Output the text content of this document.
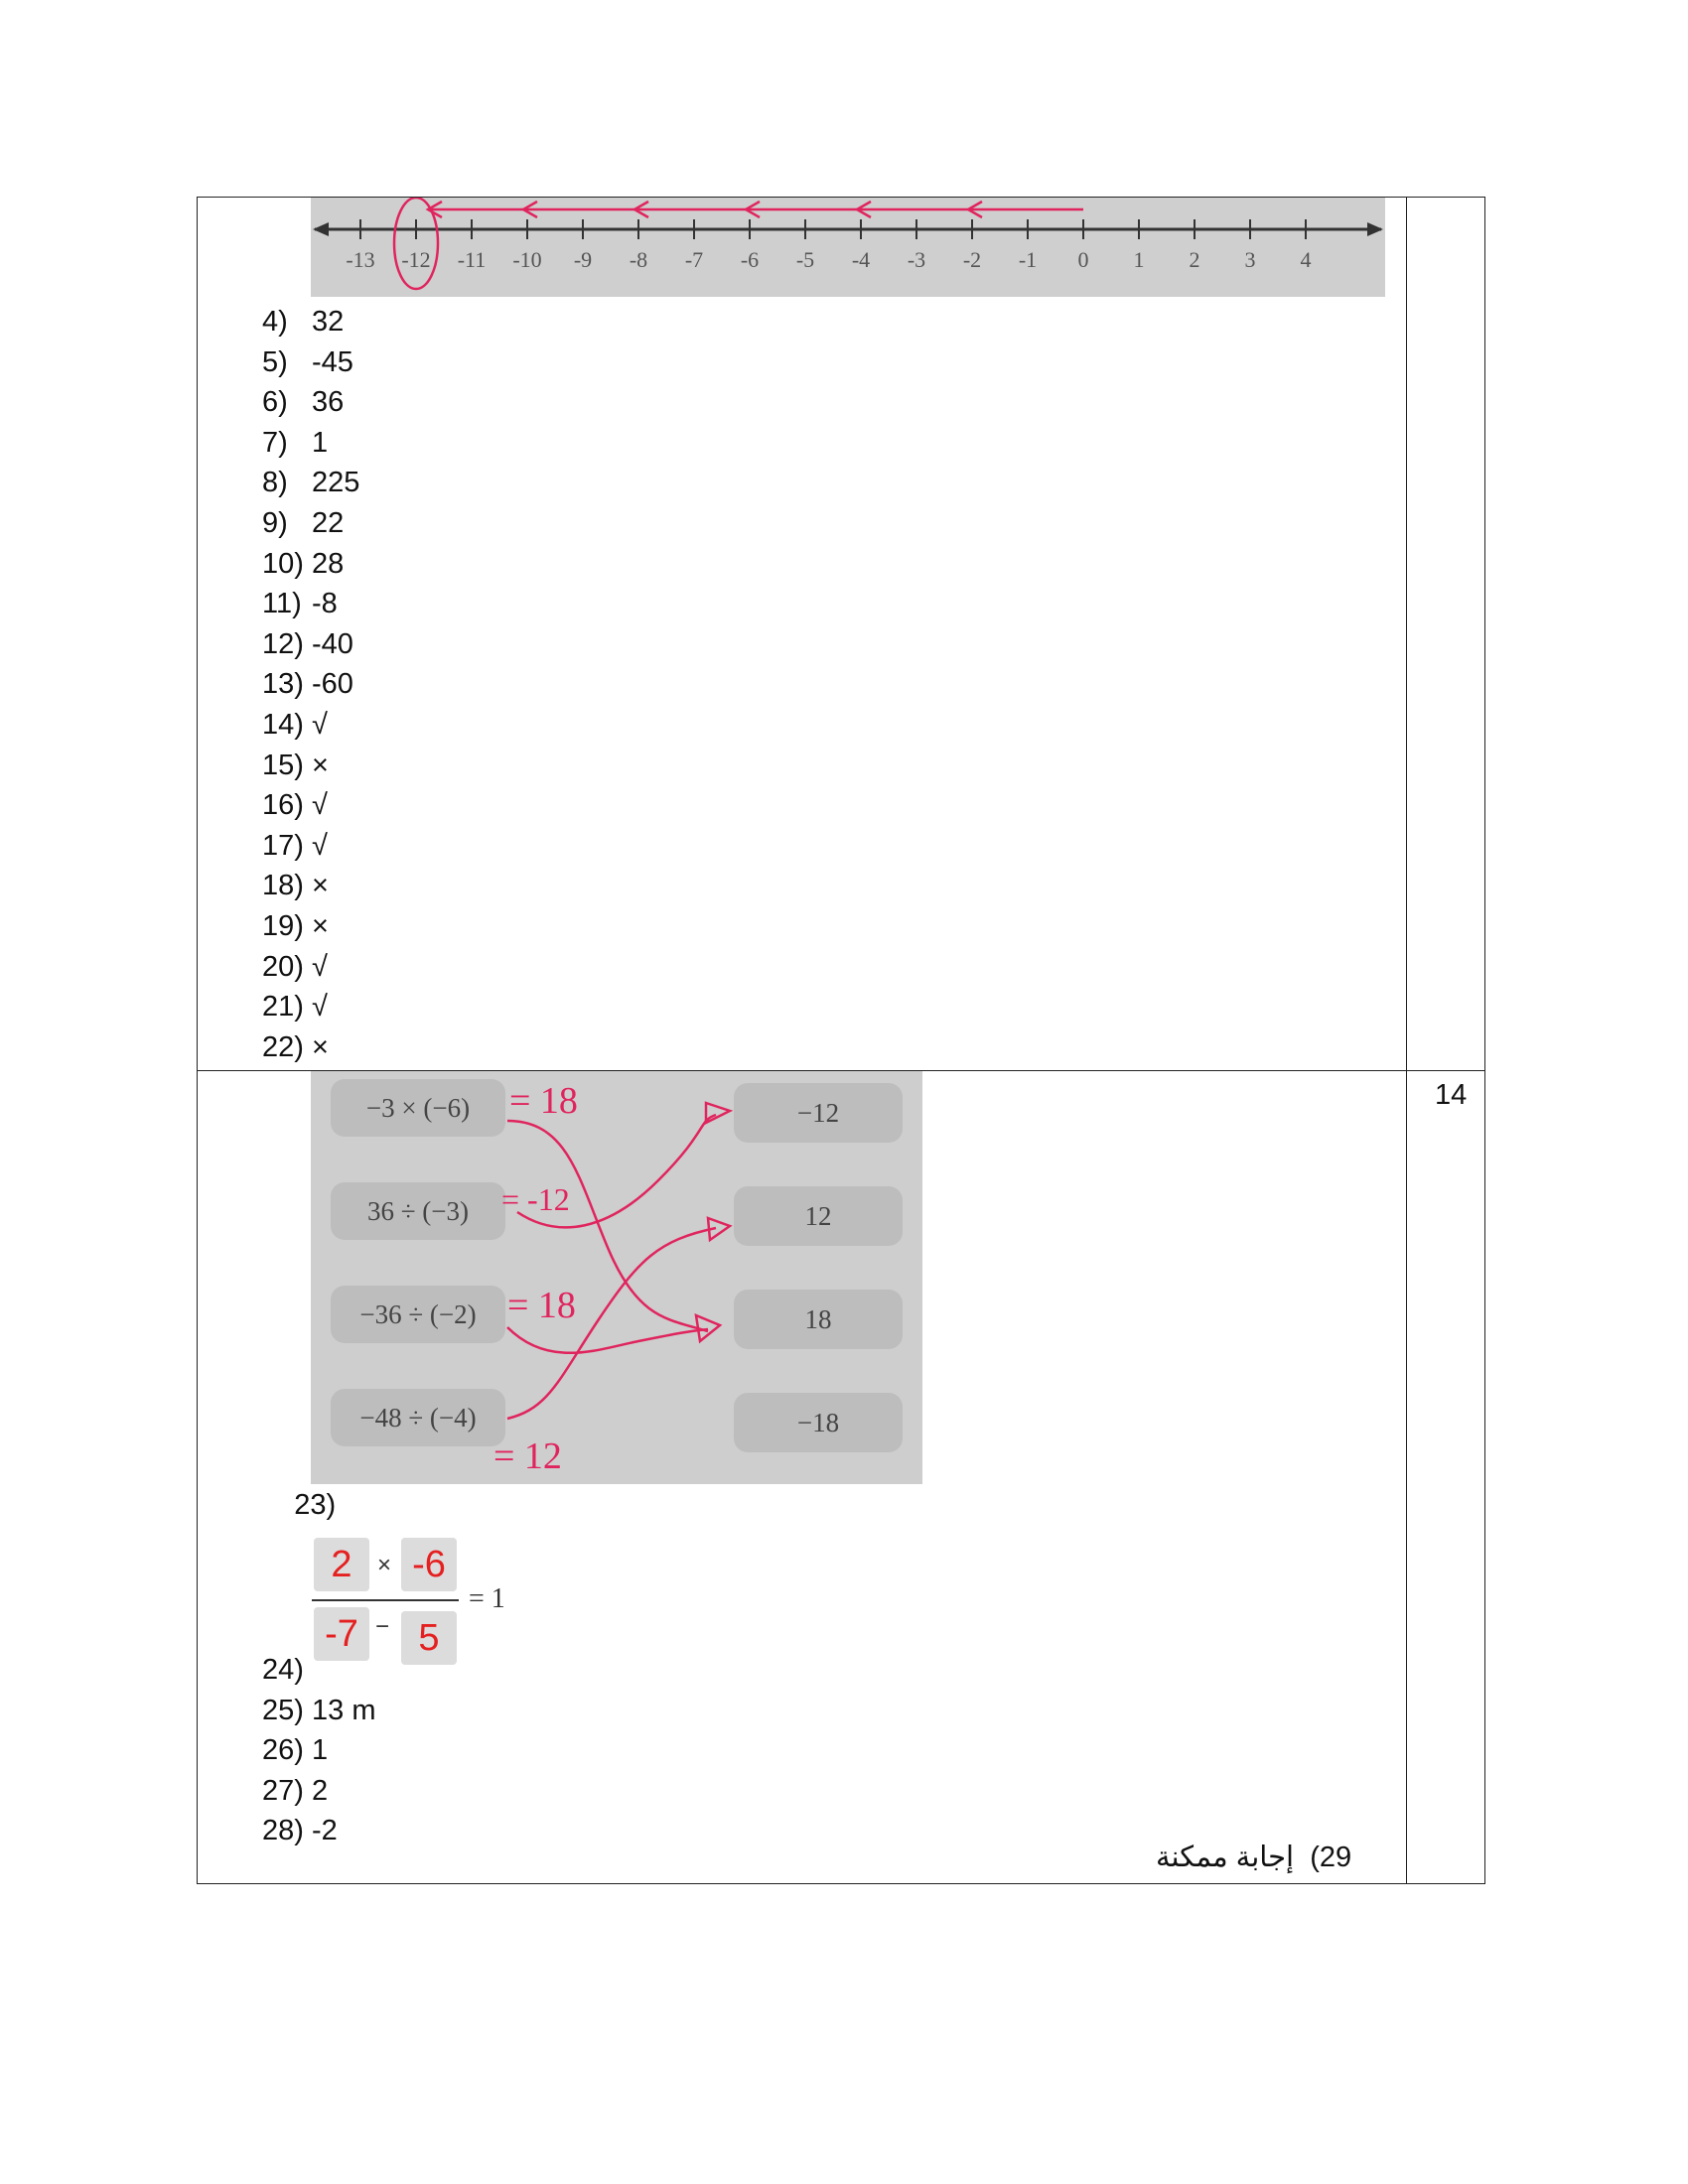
14
-13 -12 -11 -10 -9 -8 -7 -6 -5 -4 -3 -2 -1 0 1 2 3 4
4) 32
5) -45
6) 36
7) 1
8) 225
9) 22
10) 28
11) -8
12) -40
13) -60
14) √
15) ×
16) √
17) √
18) ×
19) ×
20) √
21) √
22) ×
−3 × (−6)
36 ÷ (−3)
−36 ÷ (−2)
−48 ÷ (−4)
−12
12
18
−18
= 18
= -12
= 18
= 12

23)

2	× -6
-7 − 5
= 1
24)
25) 13 m
26) 1
27) 2
28) -2
29)  إجابة ممكنة
